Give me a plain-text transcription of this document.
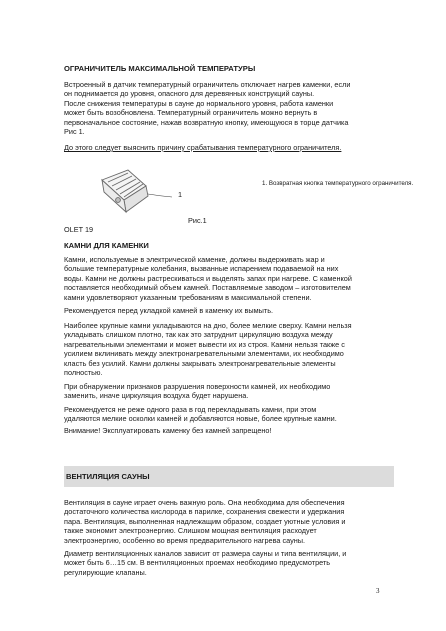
ОГРАНИЧИТЕЛЬ МАКСИМАЛЬНОЙ ТЕМПЕРАТУРЫ

Встроенный в датчик температурный ограничитель отключает нагрев каменки, если

он поднимается до уровня, опасного для деревянных конструкций сауны.

После снижения температуры в сауне до нормального уровня, работа каменки

может быть возобновлена. Температурный ограничитель можно вернуть в

первоначальное состояние, нажав возвратную кнопку, имеющуюся в торце датчика

Рис 1.

До этого следует выяснить причину срабатывания температурного ограничителя.

1
1. Возвратная кнопка температурного ограничителя.
Рис.1
OLET 19

КАМНИ ДЛЯ КАМЕНКИ

Камни, используемые в электрической каменке, должны выдерживать жар и

большие температурные колебания, вызванные испарением подаваемой на них

воды. Камни не должны растрескиваться и выделять запах при нагреве. С каменкой

поставляется необходимый объем камней. Поставляемые заводом – изготовителем

камни удовлетворяют указанным требованиям в максимальной степени.

Рекомендуется перед укладкой камней в каменку их вымыть.

Наиболее крупные камни укладываются на дно, более мелкие сверху. Камни нельзя

укладывать слишком плотно, так как это затруднит циркуляцию воздуха между

нагревательными элементами и может вывести их из строя. Камни нельзя также с

усилием вклинивать между электронагревательными элементами, их необходимо

класть без усилий. Камни должны закрывать электронагревательные элементы

полностью.

При обнаружении признаков разрушения поверхности камней, их необходимо

заменить, иначе циркуляция воздуха будет нарушена.

Рекомендуется не реже одного раза в год перекладывать камни, при этом

удаляются мелкие осколки камней и добавляются новые, более крупные камни.

Внимание! Эксплуатировать каменку без камней запрещено!

ВЕНТИЛЯЦИЯ САУНЫ

Вентиляция в сауне играет очень важную роль. Она необходима для обеспечения

достаточного количества кислорода в парилке, сохранения свежести и удержания

пара. Вентиляция, выполненная надлежащим образом, создает уютные условия и

также экономит электроэнергию. Слишком мощная вентиляция расходует

электроэнергию, особенно во время предварительного нагрева сауны.

Диаметр вентиляционных каналов зависит от размера сауны и типа вентиляции, и

может быть 6…15 см. В вентиляционных проемах необходимо предусмотреть

регулирующие клапаны.

3
